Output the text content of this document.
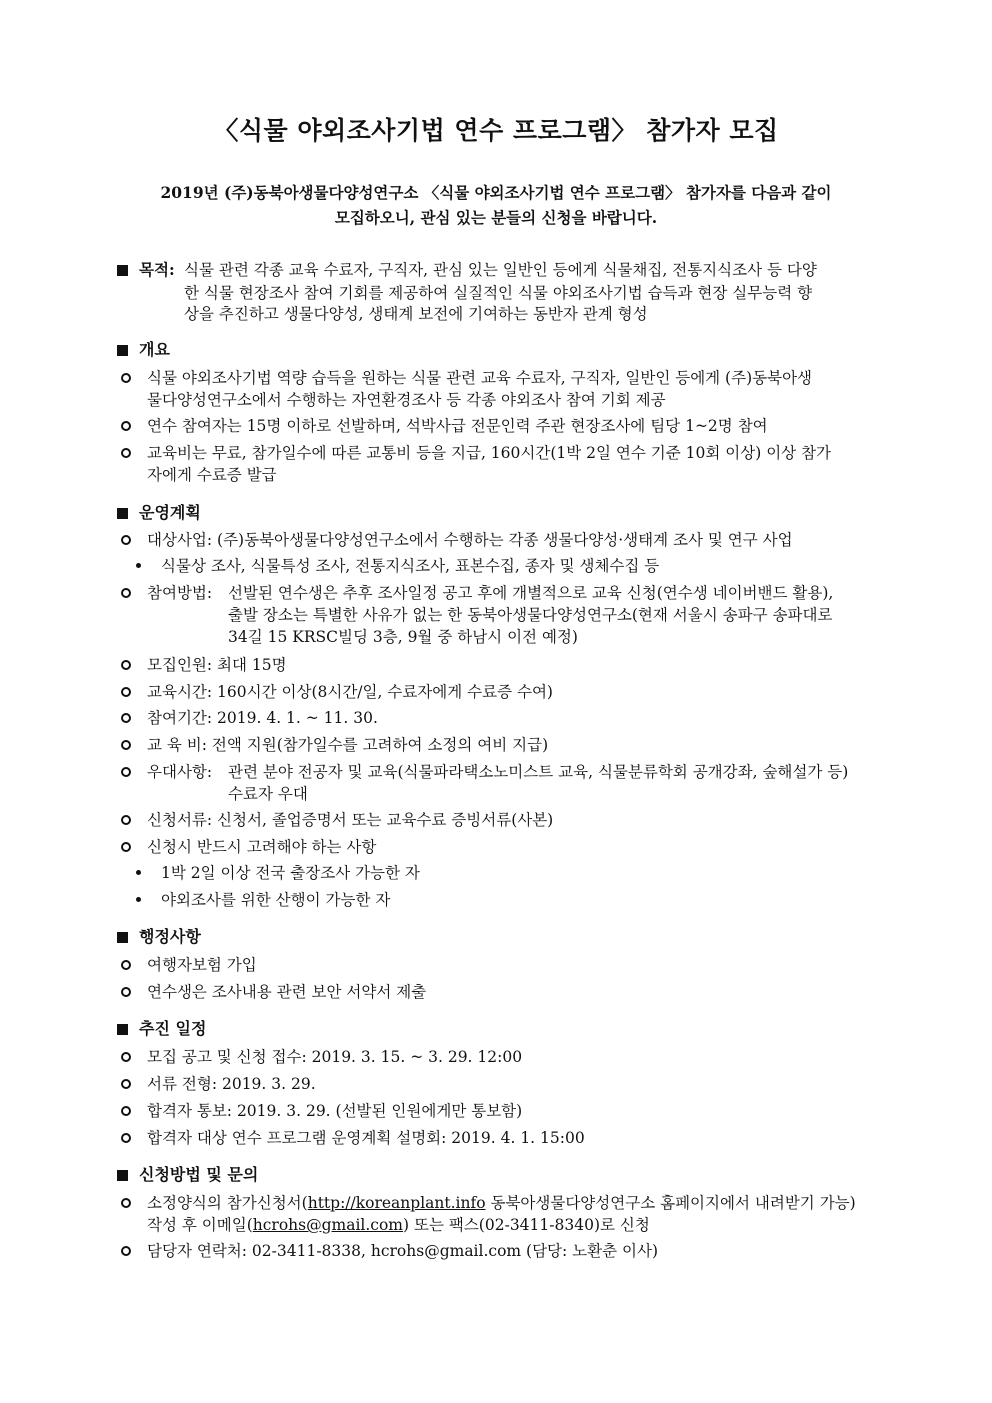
〈식물 야외조사기법 연수 프로그램〉 참가자 모집
2019년 (주)동북아생물다양성연구소 〈식물 야외조사기법 연수 프로그램〉 참가자를 다음과 같이
모집하오니, 관심 있는 분들의 신청을 바랍니다.
목적: 식물 관련 각종 교육 수료자, 구직자, 관심 있는 일반인 등에게 식물채집, 전통지식조사 등 다양
한 식물 현장조사 참여 기회를 제공하여 실질적인 식물 야외조사기법 습득과 현장 실무능력 향
상을 추진하고 생물다양성, 생태계 보전에 기여하는 동반자 관계 형성
개요
식물 야외조사기법 역량 습득을 원하는 식물 관련 교육 수료자, 구직자, 일반인 등에게 (주)동북아생
물다양성연구소에서 수행하는 자연환경조사 등 각종 야외조사 참여 기회 제공
연수 참여자는 15명 이하로 선발하며, 석박사급 전문인력 주관 현장조사에 팀당 1~2명 참여
교육비는 무료, 참가일수에 따른 교통비 등을 지급, 160시간(1박 2일 연수 기준 10회 이상) 이상 참가
자에게 수료증 발급
운영계획
대상사업: (주)동북아생물다양성연구소에서 수행하는 각종 생물다양성·생태계 조사 및 연구 사업
식물상 조사, 식물특성 조사, 전통지식조사, 표본수집, 종자 및 생체수집 등
참여방법: 선발된 연수생은 추후 조사일정 공고 후에 개별적으로 교육 신청(연수생 네이버밴드 활용),
출발 장소는 특별한 사유가 없는 한 동북아생물다양성연구소(현재 서울시 송파구 송파대로
34길 15 KRSC빌딩 3층, 9월 중 하남시 이전 예정)
모집인원: 최대 15명
교육시간: 160시간 이상(8시간/일, 수료자에게 수료증 수여)
참여기간: 2019. 4. 1. ~ 11. 30.
교 육 비: 전액 지원(참가일수를 고려하여 소정의 여비 지급)
우대사항: 관련 분야 전공자 및 교육(식물파라택소노미스트 교육, 식물분류학회 공개강좌, 숲해설가 등)
수료자 우대
신청서류: 신청서, 졸업증명서 또는 교육수료 증빙서류(사본)
신청시 반드시 고려해야 하는 사항
1박 2일 이상 전국 출장조사 가능한 자
야외조사를 위한 산행이 가능한 자
행정사항
여행자보험 가입
연수생은 조사내용 관련 보안 서약서 제출
추진 일정
모집 공고 및 신청 접수: 2019. 3. 15. ~ 3. 29. 12:00
서류 전형: 2019. 3. 29.
합격자 통보: 2019. 3. 29. (선발된 인원에게만 통보함)
합격자 대상 연수 프로그램 운영계획 설명회: 2019. 4. 1. 15:00
신청방법 및 문의
소정양식의 참가신청서(http://koreanplant.info 동북아생물다양성연구소 홈페이지에서 내려받기 가능)
작성 후 이메일(hcrohs@gmail.com) 또는 팩스(02-3411-8340)로 신청
담당자 연락처: 02-3411-8338, hcrohs@gmail.com (담당: 노환춘 이사)
